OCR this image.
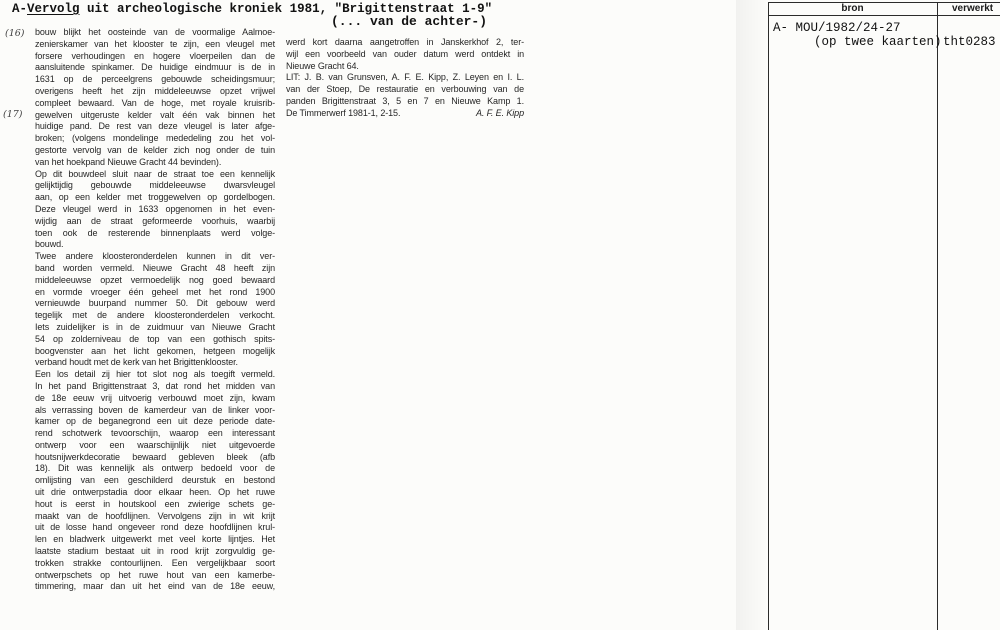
A-Vervolg uit archeologische kroniek 1981, "Brigittenstraat 1-9"
(... van de achter-)
(16)
(17)
bouw blijkt het oosteinde van de voormalige Aalmoe-
zenierskamer van het klooster te zijn, een vleugel met
forsere verhoudingen en hogere vloerpeilen dan de
aansluitende spinkamer. De huidige eindmuur is de in
1631 op de perceelgrens gebouwde scheidingsmuur;
overigens heeft het zijn middeleeuwse opzet vrijwel
compleet bewaard. Van de hoge, met royale kruisrib-
gewelven uitgeruste kelder valt één vak binnen het
huidige pand. De rest van deze vleugel is later afge-
broken; (volgens mondelinge mededeling zou het vol-
gestorte vervolg van de kelder zich nog onder de tuin
van het hoekpand Nieuwe Gracht 44 bevinden).
Op dit bouwdeel sluit naar de straat toe een kennelijk
gelijktijdig gebouwde middeleeuwse dwarsvleugel
aan, op een kelder met troggewelven op gordelbogen.
Deze vleugel werd in 1633 opgenomen in het even-
wijdig aan de straat geformeerde voorhuis, waarbij
toen ook de resterende binnenplaats werd volge-
bouwd.
Twee andere kloosteronderdelen kunnen in dit ver-
band worden vermeld. Nieuwe Gracht 48 heeft zijn
middeleeuwse opzet vermoedelijk nog goed bewaard
en vormde vroeger één geheel met het rond 1900
vernieuwde buurpand nummer 50. Dit gebouw werd
tegelijk met de andere kloosteronderdelen verkocht.
Iets zuidelijker is in de zuidmuur van Nieuwe Gracht
54 op zolderniveau de top van een gothisch spits-
boogvenster aan het licht gekomen, hetgeen mogelijk
verband houdt met de kerk van het Brigittenklooster.
Een los detail zij hier tot slot nog als toegift vermeld.
In het pand Brigittenstraat 3, dat rond het midden van
de 18e eeuw vrij uitvoerig verbouwd moet zijn, kwam
als verrassing boven de kamerdeur van de linker voor-
kamer op de beganegrond een uit deze periode date-
rend schotwerk tevoorschijn, waarop een interessant
ontwerp voor een waarschijnlijk niet uitgevoerde
houtsnijwerkdecoratie bewaard gebleven bleek (afb
18). Dit was kennelijk als ontwerp bedoeld voor de
omlijsting van een geschilderd deurstuk en bestond
uit drie ontwerpstadia door elkaar heen. Op het ruwe
hout is eerst in houtskool een zwierige schets ge-
maakt van de hoofdlijnen. Vervolgens zijn in wit krijt
uit de losse hand ongeveer rond deze hoofdlijnen krul-
len en bladwerk uitgewerkt met veel korte lijntjes. Het
laatste stadium bestaat uit in rood krijt zorgvuldig ge-
trokken strakke contourlijnen. Een vergelijkbaar soort
ontwerpschets op het ruwe hout van een kamerbe-
timmering, maar dan uit het eind van de 18e eeuw,
werd kort daarna aangetroffen in Janskerkhof 2, ter-
wijl een voorbeeld van ouder datum werd ontdekt in
Nieuwe Gracht 64.
LIT: J. B. van Grunsven, A. F. E. Kipp, Z. Leyen en I. L.
van der Stoep, De restauratie en verbouwing van de
panden Brigittenstraat 3, 5 en 7 en Nieuwe Kamp 1.
De Timmerwerf 1981-1, 2-15.	A. F. E. Kipp
bron	verwerkt
A- MOU/1982/24-27
(op twee kaarten) tht0283
